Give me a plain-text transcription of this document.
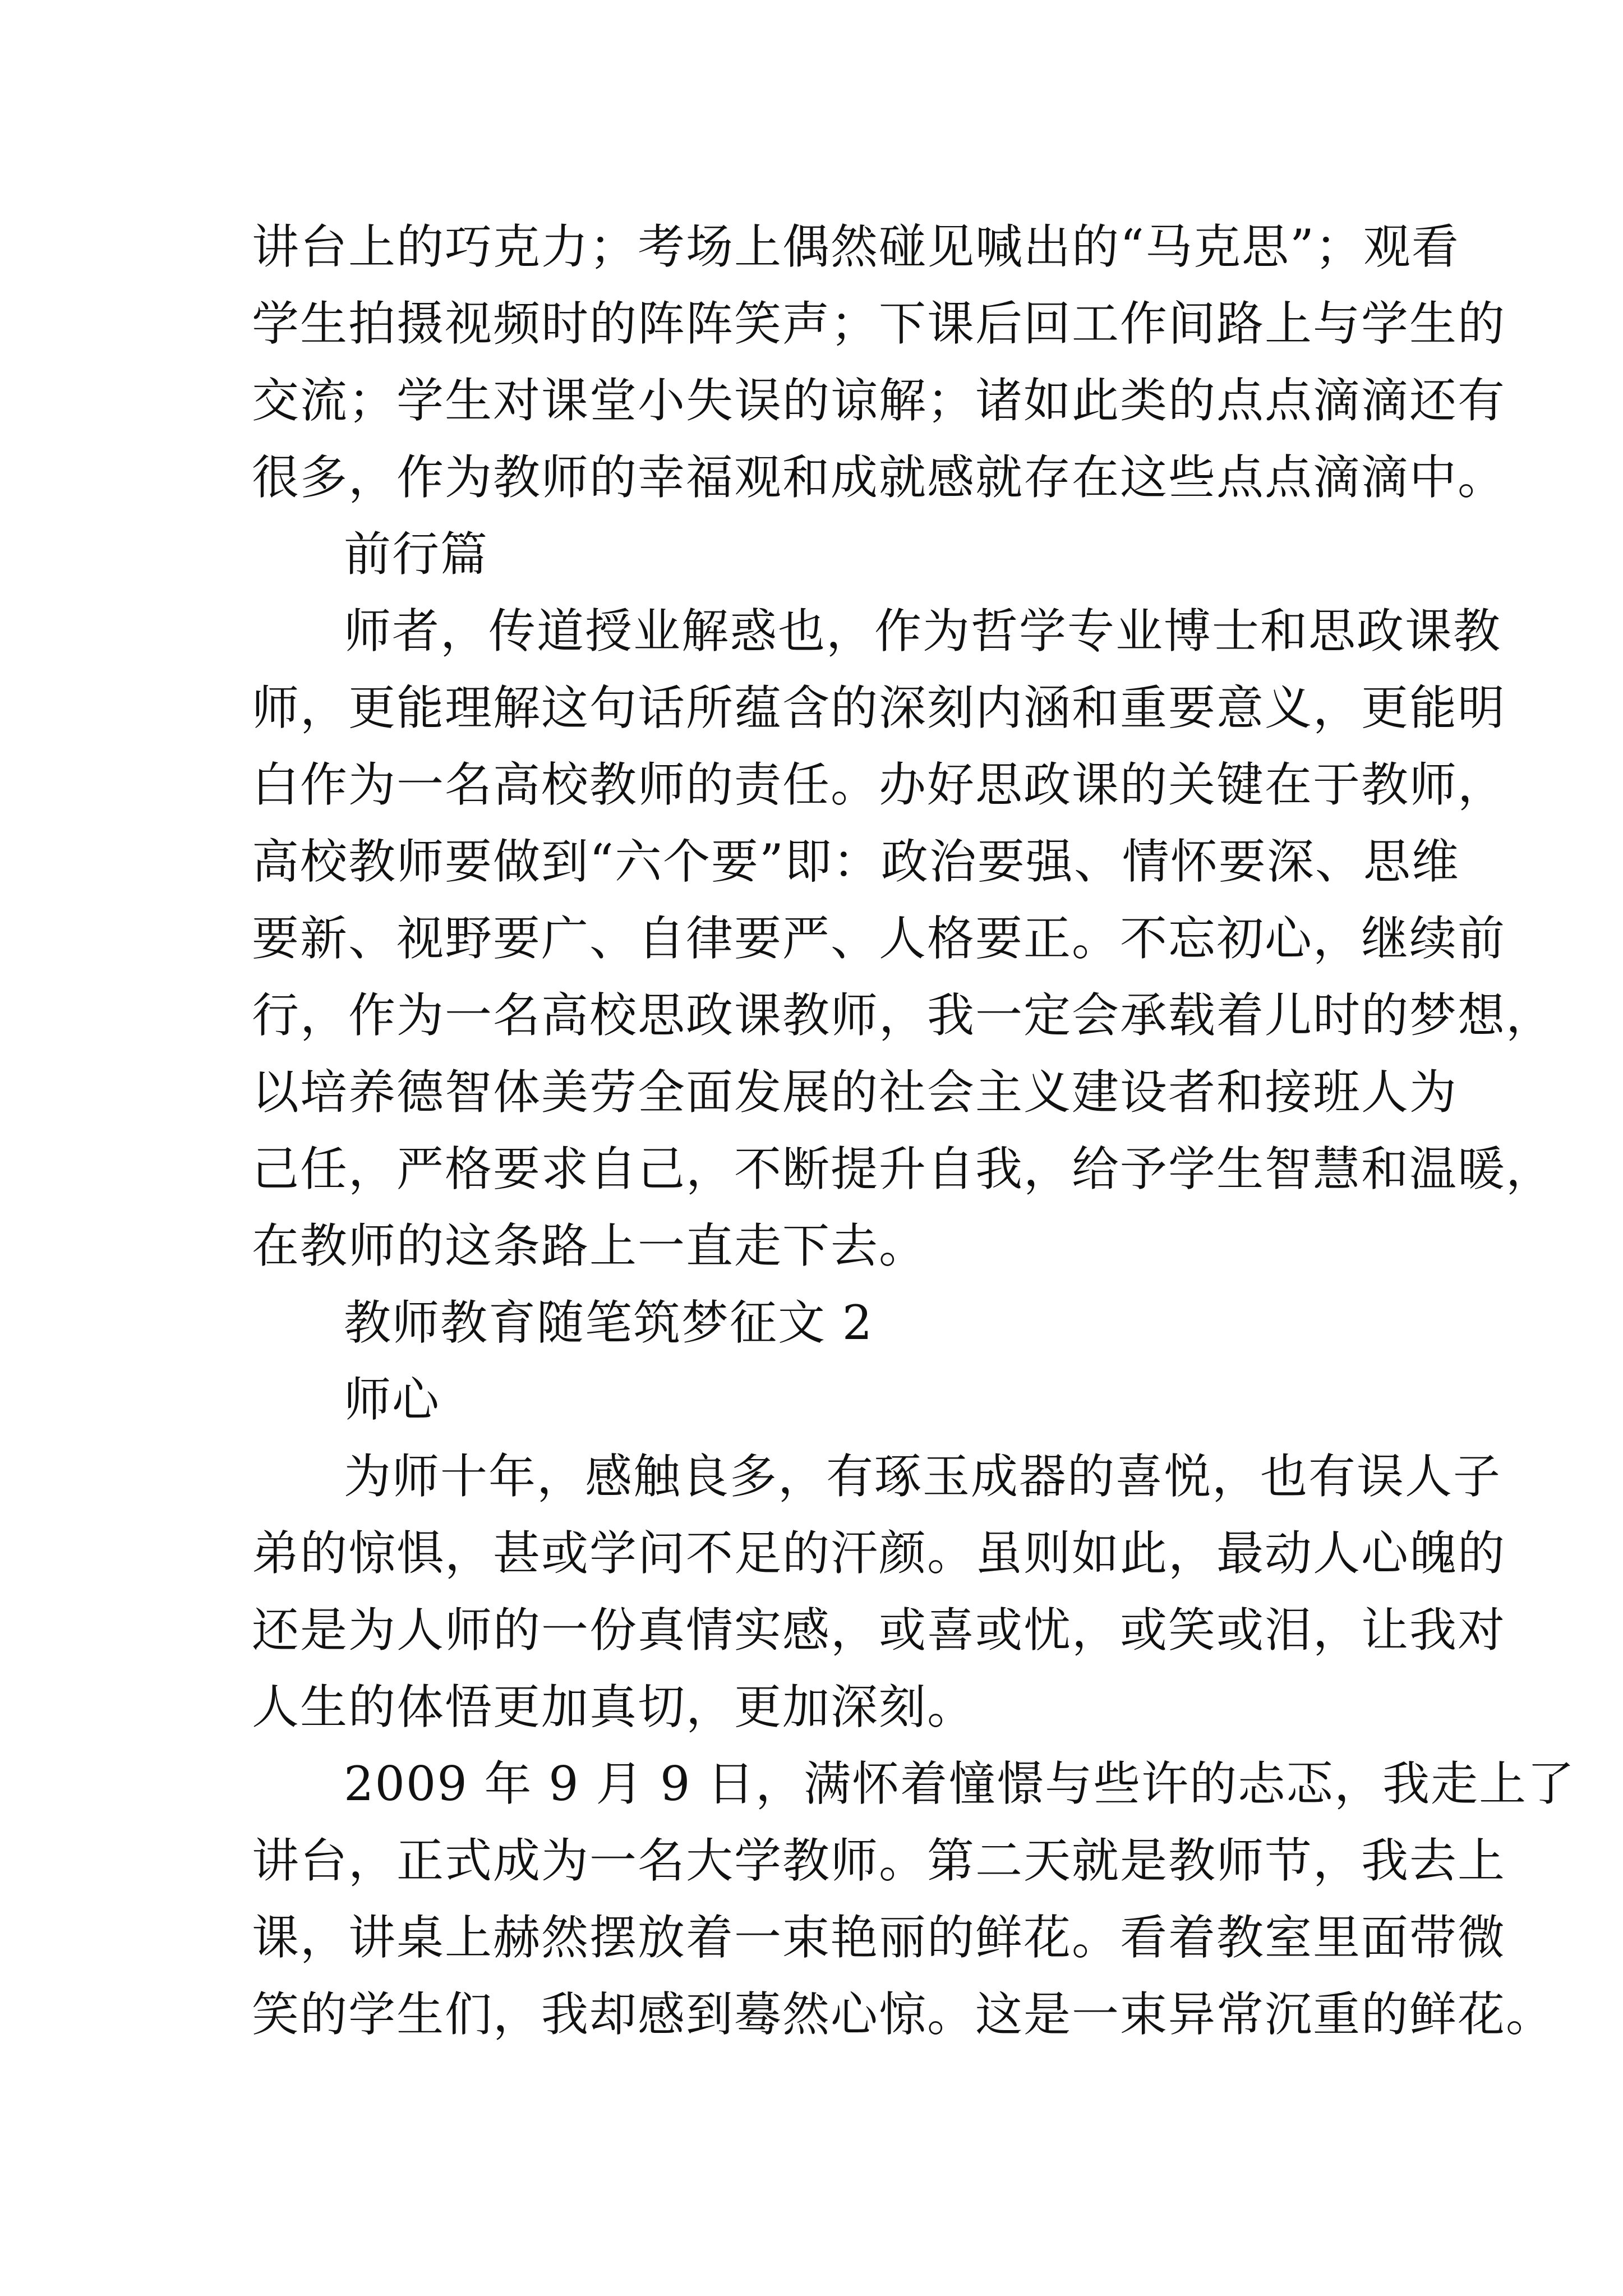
讲台上的巧克力；考场上偶然碰见喊出的“马克思”；观看
学生拍摄视频时的阵阵笑声；下课后回工作间路上与学生的
交流；学生对课堂小失误的谅解；诸如此类的点点滴滴还有
很多，作为教师的幸福观和成就感就存在这些点点滴滴中。
前行篇
师者，传道授业解惑也，作为哲学专业博士和思政课教
师，更能理解这句话所蕴含的深刻内涵和重要意义，更能明
白作为一名高校教师的责任。办好思政课的关键在于教师，
高校教师要做到“六个要”即：政治要强、情怀要深、思维
要新、视野要广、自律要严、人格要正。不忘初心，继续前
行，作为一名高校思政课教师，我一定会承载着儿时的梦想，
以培养德智体美劳全面发展的社会主义建设者和接班人为
己任，严格要求自己，不断提升自我，给予学生智慧和温暖，
在教师的这条路上一直走下去。
教师教育随笔筑梦征文 2
师心
为师十年，感触良多，有琢玉成器的喜悦，也有误人子
弟的惊惧，甚或学问不足的汗颜。虽则如此，最动人心魄的
还是为人师的一份真情实感，或喜或忧，或笑或泪，让我对
人生的体悟更加真切，更加深刻。
2009 年 9 月 9 日，满怀着憧憬与些许的忐忑，我走上了
讲台，正式成为一名大学教师。第二天就是教师节，我去上
课，讲桌上赫然摆放着一束艳丽的鲜花。看着教室里面带微
笑的学生们，我却感到蓦然心惊。这是一束异常沉重的鲜花。
